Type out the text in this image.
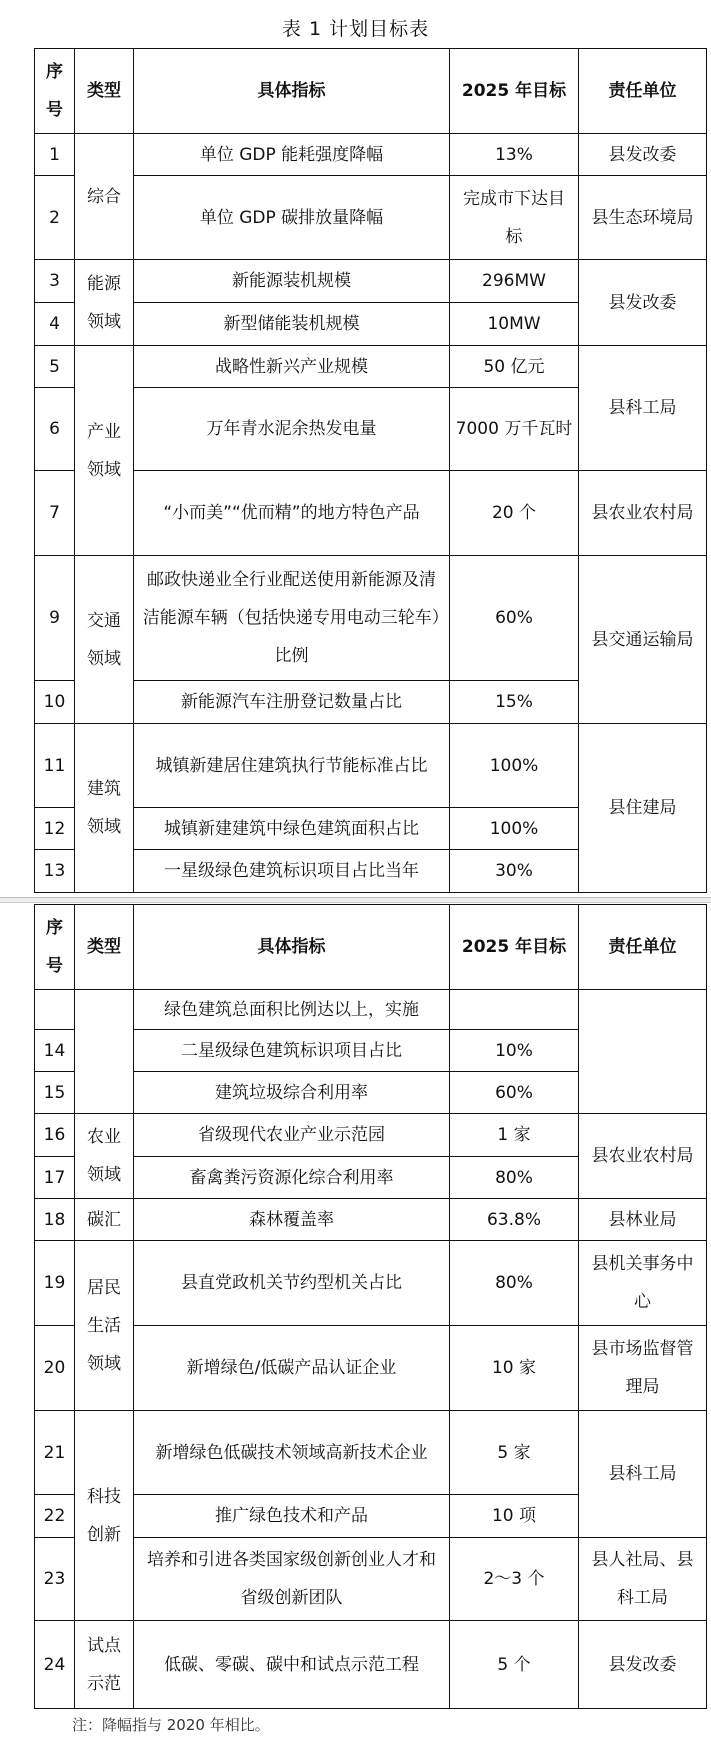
表 1 计划目标表
序号	类型	具体指标	2025 年目标	责任单位
1	综合	单位 GDP 能耗强度降幅	13%	县发改委
2		单位 GDP 碳排放量降幅	完成市下达目标	县生态环境局
3	能源领域	新能源装机规模	296MW	县发改委
4		新型储能装机规模	10MW	
5	产业领域	战略性新兴产业规模	50 亿元	县科工局
6		万年青水泥余热发电量	7000 万千瓦时	
7		“小而美”“优而精”的地方特色产品	20 个	县农业农村局
9	交通领域	邮政快递业全行业配送使用新能源及清洁能源车辆（包括快递专用电动三轮车）比例	60%	县交通运输局
10		新能源汽车注册登记数量占比	15%	
11	建筑领域	城镇新建居住建筑执行节能标准占比	100%	县住建局
12		城镇新建建筑中绿色建筑面积占比	100%	
13		一星级绿色建筑标识项目占比当年	30%	
序号	类型	具体指标	2025 年目标	责任单位
		绿色建筑总面积比例达以上，实施		
14		二星级绿色建筑标识项目占比	10%	
15		建筑垃圾综合利用率	60%	
16	农业领域	省级现代农业产业示范园	1 家	县农业农村局
17		畜禽粪污资源化综合利用率	80%	
18	碳汇	森林覆盖率	63.8%	县林业局
19	居民生活领域	县直党政机关节约型机关占比	80%	县机关事务中心
20		新增绿色/低碳产品认证企业	10 家	县市场监督管理局
21	科技创新	新增绿色低碳技术领域高新技术企业	5 家	县科工局
22		推广绿色技术和产品	10 项	
23		培养和引进各类国家级创新创业人才和省级创新团队	2～3 个	县人社局、县科工局
24	试点示范	低碳、零碳、碳中和试点示范工程	5 个	县发改委
注：降幅指与 2020 年相比。
